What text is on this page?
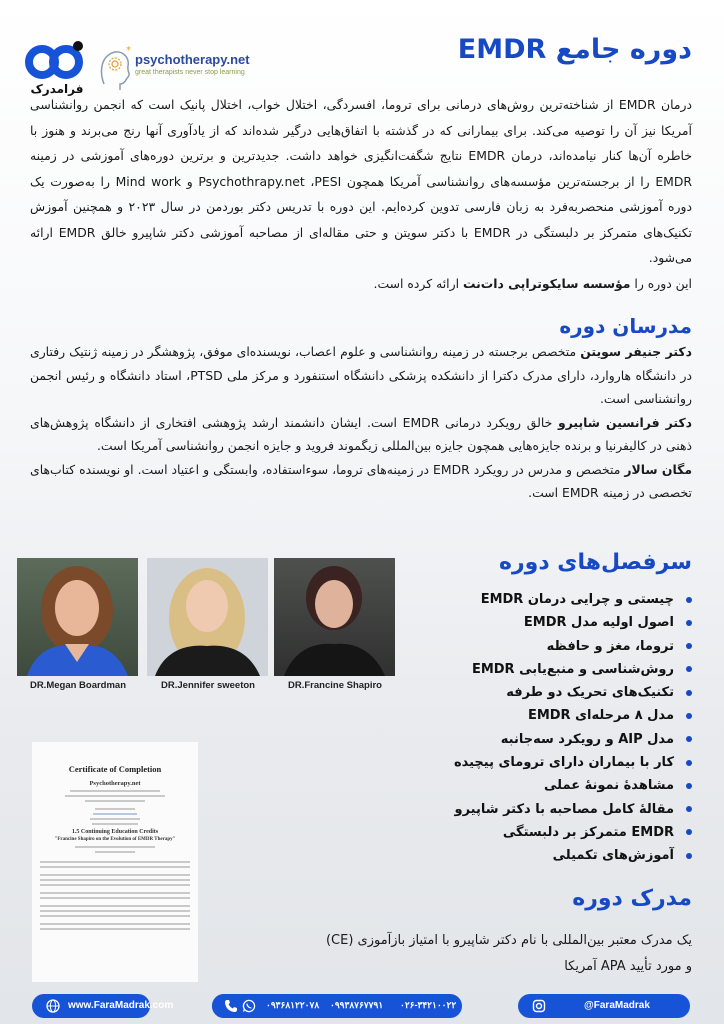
فرامدرک
*
psychotherapy.net
great therapists never stop learning
دوره جامع EMDR
درمان EMDR از شناخته‌ترین روش‌های درمانی برای تروما، افسردگی، اختلال خواب، اختلال پانیک است که انجمن روانشناسی آمریکا نیز آن را توصیه می‌کند. برای بیمارانی که در گذشته با اتفاق‌هایی درگیر شده‌اند که از یادآوری آنها رنج می‌برند و هنوز با خاطره آن‌ها کنار نیامده‌اند، درمان EMDR نتایج شگفت‌انگیزی خواهد داشت. جدیدترین و برترین دوره‌های آموزشی در زمینه EMDR را از برجسته‌ترین مؤسسه‌های روانشناسی آمریکا همچون Psychothrapy.net ،PESI و Mind work را به‌صورت یک دوره آموزشی منحصربه‌فرد به زبان فارسی تدوین کرده‌ایم. این دوره با تدریس دکتر بوردمن در سال ۲۰۲۳ و همچنین آموزش تکنیک‌های متمرکز بر دلبستگی در EMDR با دکتر سویتن و حتی مقاله‌ای از مصاحبه آموزشی دکتر شاپیرو خالق EMDR ارائه می‌شود.
این دوره را مؤسسه سایکوتراپی دات‌نت ارائه کرده است.
مدرسان دوره
دکتر جنیفر سویتن متخصص برجسته در زمینه روانشناسی و علوم اعصاب، نویسنده‌ای موفق، پژوهشگر در زمینه ژنتیک رفتاری در دانشگاه هاروارد، دارای مدرک دکترا از دانشکده پزشکی دانشگاه استنفورد و مرکز ملی PTSD، استاد دانشگاه و رئیس انجمن روانشناسی است.
دکتر فرانسین شاپیرو خالق رویکرد درمانی EMDR است. ایشان دانشمند ارشد پژوهشی افتخاری از دانشگاه پژوهش‌های ذهنی در کالیفرنیا و برنده جایزه‌هایی همچون جایزه بین‌المللی زیگموند فروید و جایزه انجمن روانشناسی آمریکا است.
مگان سالار متخصص و مدرس در رویکرد EMDR در زمینه‌های تروما، سوءاستفاده، وابستگی و اعتیاد است. او نویسنده کتاب‌های تخصصی در زمینه EMDR است.
DR.Megan Boardman	DR.Jennifer sweeton	DR.Francine Shapiro
سرفصل‌های دوره
چیستی و چرایی درمان EMDR
اصول اولیه مدل EMDR
تروما، مغز و حافظه
روش‌شناسی و منبع‌یابی EMDR
تکنیک‌های تحریک دو طرفه
مدل ۸ مرحله‌ای EMDR
مدل AIP و رویکرد سه‌جانبه
کار با بیماران دارای ترومای پیچیده
مشاهدهٔ نمونهٔ عملی
مقالهٔ کامل مصاحبه با دکتر شاپیرو
EMDR متمرکز بر دلبستگی
آموزش‌های تکمیلی
Certificate of Completion
Psychotherapy.net
1.5 Continuing Education Credits
"Francine Shapiro on the Evolution of EMDR Therapy"
مدرک دوره
یک مدرک معتبر بین‌المللی با نام دکتر شاپیرو با امتیاز بازآموزی (CE)
و مورد تأیید APA آمریکا
www.FaraMadrak.com	۰۹۳۶۸۱۲۲۰۷۸ ۰۹۹۳۸۷۶۷۷۹۱ ۰۲۶-۳۴۲۱۰۰۲۲	@FaraMadrak
